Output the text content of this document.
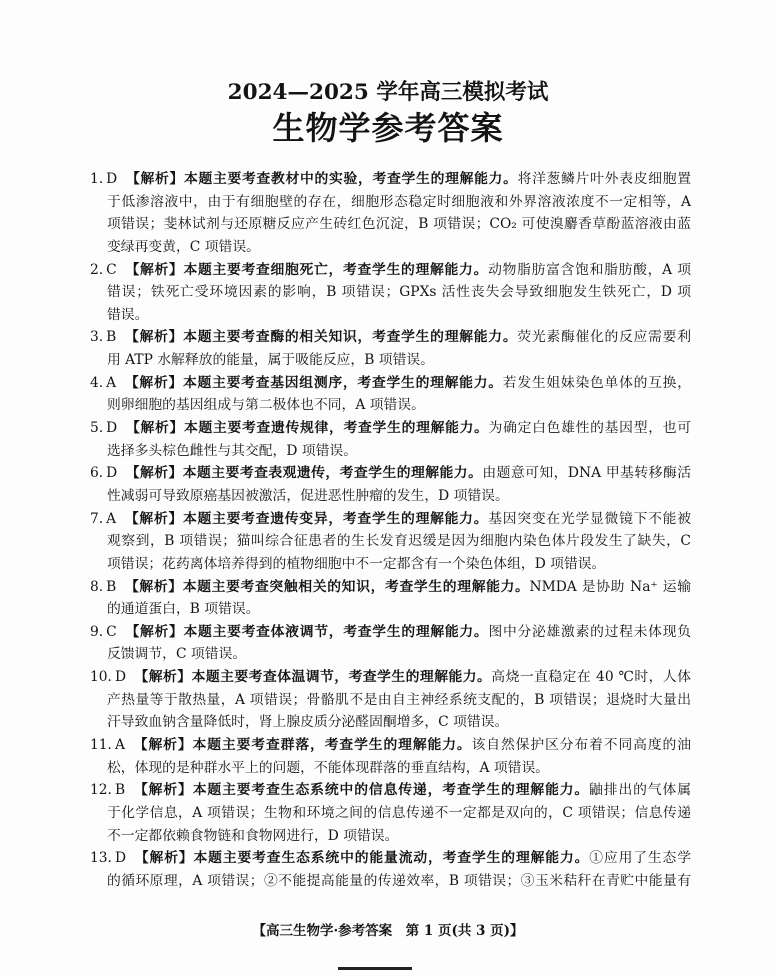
2024—2025 学年高三模拟考试
生物学参考答案
1. D 【解析】本题主要考查教材中的实验，考查学生的理解能力。将洋葱鳞片叶外表皮细胞置
于低渗溶液中，由于有细胞壁的存在，细胞形态稳定时细胞液和外界溶液浓度不一定相等，A
项错误；斐林试剂与还原糖反应产生砖红色沉淀，B 项错误；CO₂ 可使溴麝香草酚蓝溶液由蓝
变绿再变黄，C 项错误。
2. C 【解析】本题主要考查细胞死亡，考查学生的理解能力。动物脂肪富含饱和脂肪酸，A 项
错误；铁死亡受环境因素的影响，B 项错误；GPXs 活性丧失会导致细胞发生铁死亡，D 项
错误。
3. B 【解析】本题主要考查酶的相关知识，考查学生的理解能力。荧光素酶催化的反应需要利
用 ATP 水解释放的能量，属于吸能反应，B 项错误。
4. A 【解析】本题主要考查基因组测序，考查学生的理解能力。若发生姐妹染色单体的互换，
则卵细胞的基因组成与第二极体也不同，A 项错误。
5. D 【解析】本题主要考查遗传规律，考查学生的理解能力。为确定白色雄性的基因型，也可
选择多头棕色雌性与其交配，D 项错误。
6. D 【解析】本题主要考查表观遗传，考查学生的理解能力。由题意可知，DNA 甲基转移酶活
性减弱可导致原癌基因被激活，促进恶性肿瘤的发生，D 项错误。
7. A 【解析】本题主要考查遗传变异，考查学生的理解能力。基因突变在光学显微镜下不能被
观察到，B 项错误；猫叫综合征患者的生长发育迟缓是因为细胞内染色体片段发生了缺失，C
项错误；花药离体培养得到的植物细胞中不一定都含有一个染色体组，D 项错误。
8. B 【解析】本题主要考查突触相关的知识，考查学生的理解能力。NMDA 是协助 Na⁺ 运输
的通道蛋白，B 项错误。
9. C 【解析】本题主要考查体液调节，考查学生的理解能力。图中分泌雄激素的过程未体现负
反馈调节，C 项错误。
10. D 【解析】本题主要考查体温调节，考查学生的理解能力。高烧一直稳定在 40 ℃时，人体
产热量等于散热量，A 项错误；骨骼肌不是由自主神经系统支配的，B 项错误；退烧时大量出
汗导致血钠含量降低时，肾上腺皮质分泌醛固酮增多，C 项错误。
11. A 【解析】本题主要考查群落，考查学生的理解能力。该自然保护区分布着不同高度的油
松，体现的是种群水平上的问题，不能体现群落的垂直结构，A 项错误。
12. B 【解析】本题主要考查生态系统中的信息传递，考查学生的理解能力。鼬排出的气体属
于化学信息，A 项错误；生物和环境之间的信息传递不一定都是双向的，C 项错误；信息传递
不一定都依赖食物链和食物网进行，D 项错误。
13. D 【解析】本题主要考查生态系统中的能量流动，考查学生的理解能力。①应用了生态学
的循环原理，A 项错误；②不能提高能量的传递效率，B 项错误；③玉米秸秆在青贮中能量有
【高三生物学·参考答案　第 1 页(共 3 页)】
